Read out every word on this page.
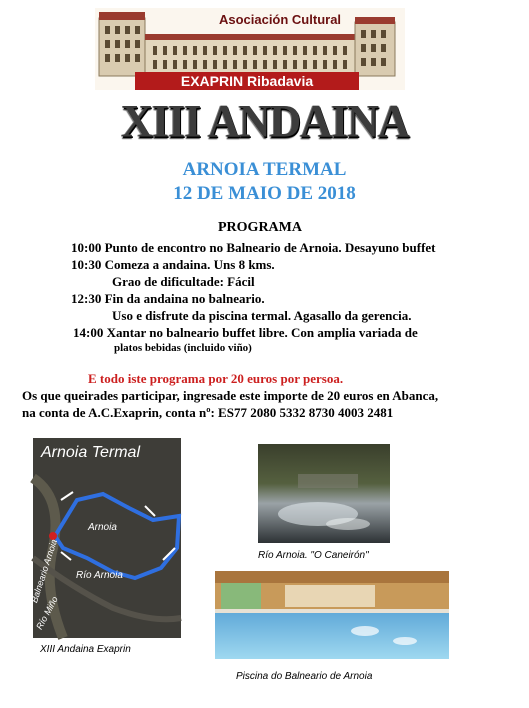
Asociación Cultural
EXAPRIN Ribadavia
XIII ANDAINA
ARNOIA TERMAL
12 DE MAIO DE 2018
PROGRAMA
10:00 Punto de encontro no Balneario de Arnoia. Desayuno buffet
10:30 Comeza a andaina. Uns 8 kms.
Grao de dificultade: Fácil
12:30 Fin da andaina no balneario.
Uso e disfrute da piscina termal. Agasallo da gerencia.
14:00 Xantar no balneario buffet libre. Con amplia variada de
platos bebidas (incluido viño)
E todo iste programa por 20 euros por persoa.
Os que queirades participar, ingresade este importe de 20 euros en Abanca,
na conta de A.C.Exaprin, conta nº: ES77 2080 5332 8730 4003 2481
Arnoia Termal
Arnoia
Río Arnoia
Balneario Arnoia
Río Miño
XIII Andaina Exaprin
Río Arnoia. "O Caneirón"
Piscina do Balneario de Arnoia
